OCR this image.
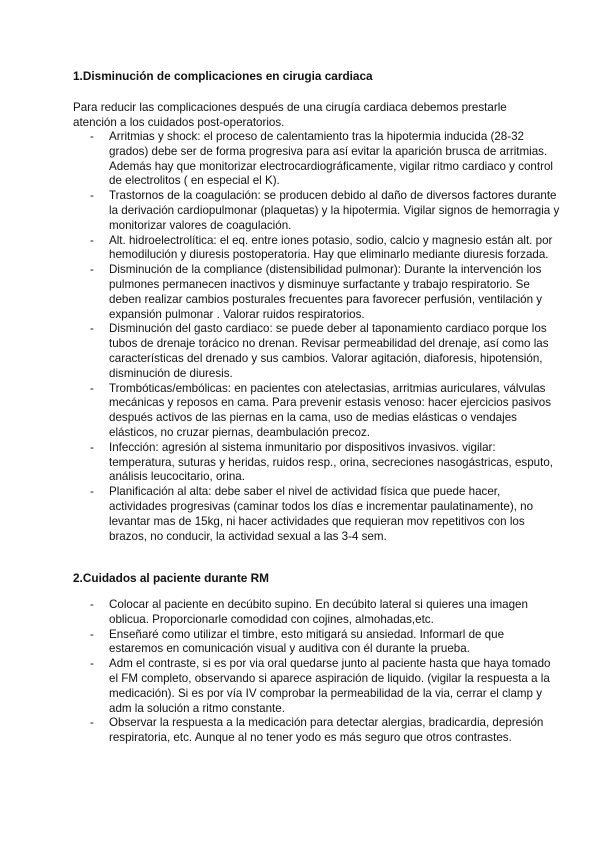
1.Disminución de complicaciones en cirugia cardiaca
Para reducir las complicaciones después de una cirugía cardiaca debemos prestarle atención a los cuidados post-operatorios.
- Arritmias y shock: el proceso de calentamiento tras la hipotermia inducida (28-32 grados) debe ser de forma progresiva para así evitar la aparición brusca de arritmias. Además hay que monitorizar electrocardiográficamente, vigilar ritmo cardiaco y control de electrolitos ( en especial el K).
- Trastornos de la coagulación: se producen debido al daño de diversos factores durante la derivación cardiopulmonar (plaquetas) y la hipotermia. Vigilar signos de hemorragia y monitorizar valores de coagulación.
- Alt. hidroelectrolítica: el eq. entre iones potasio, sodio, calcio y magnesio están alt. por hemodilución y diuresis postoperatoria. Hay que eliminarlo mediante diuresis forzada.
- Disminución de la compliance (distensibilidad pulmonar): Durante la intervención los pulmones permanecen inactivos y disminuye surfactante y trabajo respiratorio. Se deben realizar cambios posturales frecuentes para favorecer perfusión, ventilación y expansión pulmonar . Valorar ruidos respiratorios.
- Disminución del gasto cardiaco: se puede deber al taponamiento cardiaco porque los tubos de drenaje torácico no drenan. Revisar permeabilidad del drenaje, así como las características del drenado y sus cambios. Valorar agitación, diaforesis, hipotensión, disminución de diuresis.
- Trombóticas/embólicas: en pacientes con atelectasias, arritmias auriculares, válvulas mecánicas y reposos en cama. Para prevenir estasis venoso: hacer ejercicios pasivos después activos de las piernas en la cama, uso de medias elásticas o vendajes elásticos, no cruzar piernas, deambulación precoz.
- Infección: agresión al sistema inmunitario por dispositivos invasivos. vigilar: temperatura, suturas y heridas, ruidos resp., orina, secreciones nasogástricas, esputo, análisis leucocitario, orina.
- Planificación al alta: debe saber el nivel de actividad física que puede hacer, actividades progresivas (caminar todos los días e incrementar paulatinamente), no levantar mas de 15kg, ni hacer actividades que requieran mov repetitivos con los brazos, no conducir, la actividad sexual a las 3-4 sem.
2.Cuidados al paciente durante RM
- Colocar al paciente en decúbito supino. En decúbito lateral si quieres una imagen oblicua. Proporcionarle comodidad con cojines, almohadas,etc.
- Enseñaré como utilizar el timbre, esto mitigará su ansiedad. Informarl de que estaremos en comunicación visual y auditiva con él durante la prueba.
- Adm el contraste, si es por via oral quedarse junto al paciente hasta que haya tomado el FM completo, observando si aparece aspiración de liquido. (vigilar la respuesta a la medicación). Si es por vía IV comprobar la permeabilidad de la via, cerrar el clamp y adm la solución a ritmo constante.
- Observar la respuesta a la medicación para detectar alergias, bradicardia, depresión respiratoria, etc. Aunque al no tener yodo es más seguro que otros contrastes.
